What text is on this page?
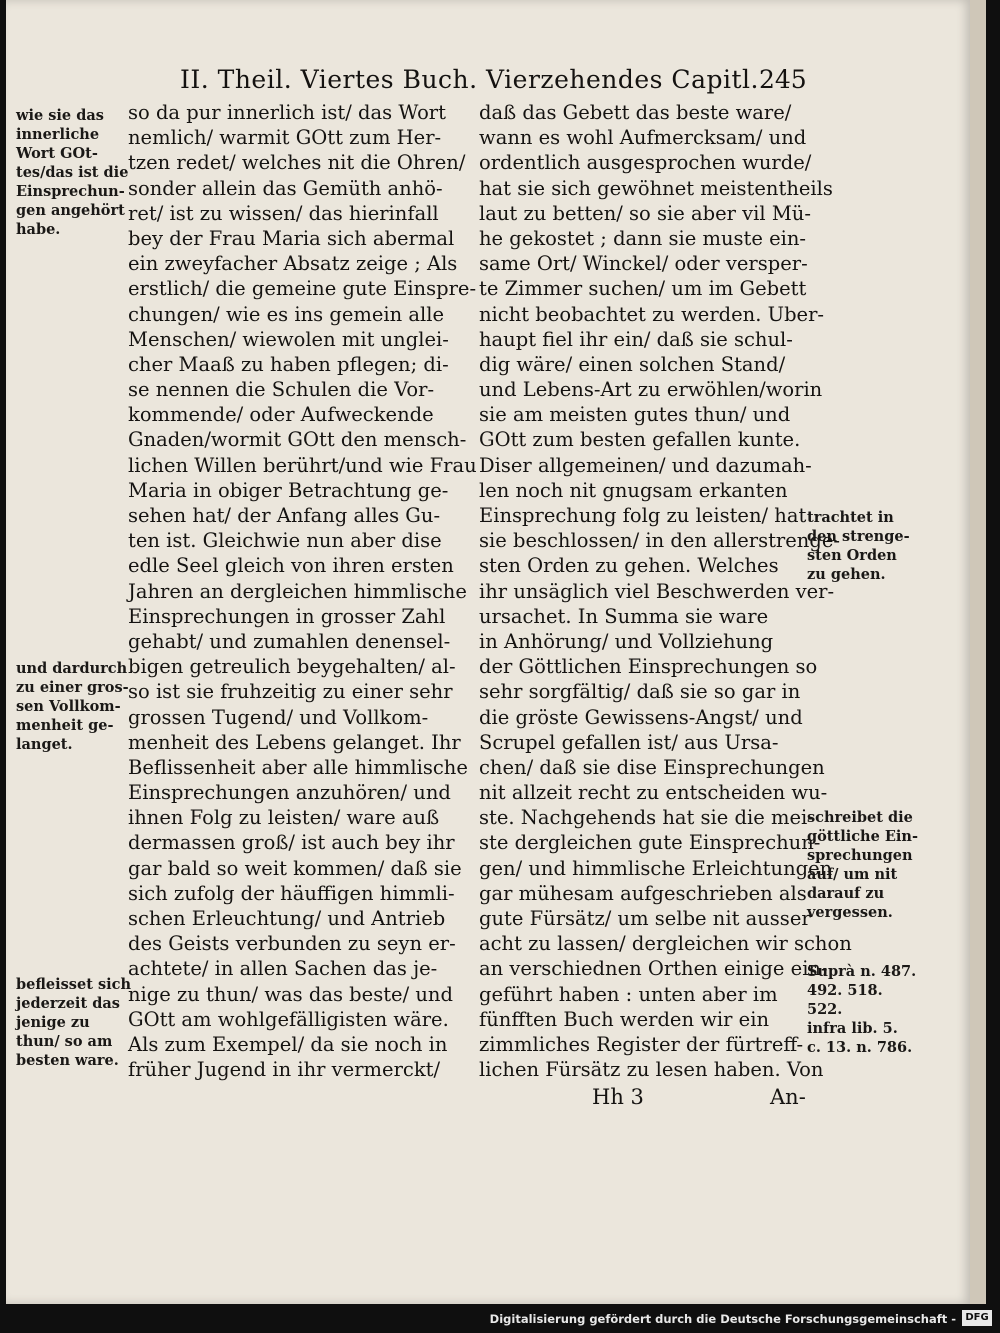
II. Theil. Viertes Buch. Vierzehendes Capitl. 245
so da pur innerlich ist/ das Wort
nemlich/ warmit GOtt zum Her-
tzen redet/ welches nit die Ohren/
sonder allein das Gemüth anhö-
ret/ ist zu wissen/ das hierinfall
bey der Frau Maria sich abermal
ein zweyfacher Absatz zeige ; Als
erstlich/ die gemeine gute Einspre-
chungen/ wie es ins gemein alle
Menschen/ wiewolen mit unglei-
cher Maaß zu haben pflegen; di-
se nennen die Schulen die Vor-
kommende/ oder Aufweckende
Gnaden/wormit GOtt den mensch-
lichen Willen berührt/und wie Frau
Maria in obiger Betrachtung ge-
sehen hat/ der Anfang alles Gu-
ten ist. Gleichwie nun aber dise
edle Seel gleich von ihren ersten
Jahren an dergleichen himmlische
Einsprechungen in grosser Zahl
gehabt/ und zumahlen denensel-
bigen getreulich beygehalten/ al-
so ist sie fruhzeitig zu einer sehr
grossen Tugend/ und Vollkom-
menheit des Lebens gelanget. Ihr
Beflissenheit aber alle himmlische
Einsprechungen anzuhören/ und
ihnen Folg zu leisten/ ware auß
dermassen groß/ ist auch bey ihr
gar bald so weit kommen/ daß sie
sich zufolg der häuffigen himmli-
schen Erleuchtung/ und Antrieb
des Geists verbunden zu seyn er-
achtete/ in allen Sachen das je-
nige zu thun/ was das beste/ und
GOtt am wohlgefälligisten wäre.
Als zum Exempel/ da sie noch in
früher Jugend in ihr vermerckt/
daß das Gebett das beste ware/
wann es wohl Aufmercksam/ und
ordentlich ausgesprochen wurde/
hat sie sich gewöhnet meistentheils
laut zu betten/ so sie aber vil Mü-
he gekostet ; dann sie muste ein-
same Ort/ Winckel/ oder versper-
te Zimmer suchen/ um im Gebett
nicht beobachtet zu werden. Uber-
haupt fiel ihr ein/ daß sie schul-
dig wäre/ einen solchen Stand/
und Lebens-Art zu erwöhlen/worin
sie am meisten gutes thun/ und
GOtt zum besten gefallen kunte.
Diser allgemeinen/ und dazumah-
len noch nit gnugsam erkanten
Einsprechung folg zu leisten/ hat
sie beschlossen/ in den allerstrenge-
sten Orden zu gehen. Welches
ihr unsäglich viel Beschwerden ver-
ursachet. In Summa sie ware
in Anhörung/ und Vollziehung
der Göttlichen Einsprechungen so
sehr sorgfältig/ daß sie so gar in
die gröste Gewissens-Angst/ und
Scrupel gefallen ist/ aus Ursa-
chen/ daß sie dise Einsprechungen
nit allzeit recht zu entscheiden wu-
ste. Nachgehends hat sie die mei-
ste dergleichen gute Einsprechun-
gen/ und himmlische Erleichtungen
gar mühesam aufgeschrieben als
gute Fürsätz/ um selbe nit ausser
acht zu lassen/ dergleichen wir schon
an verschiednen Orthen einige ein-
geführt haben : unten aber im
fünfften Buch werden wir ein
zimmliches Register der fürtreff-
lichen Fürsätz zu lesen haben. Von
wie sie das
innerliche
Wort GOt-
tes/das ist die
Einsprechun-
gen angehört
habe.
und dardurch
zu einer gros-
sen Vollkom-
menheit ge-
langet.
befleisset sich
jederzeit das
jenige zu
thun/ so am
besten ware.
trachtet in
den strenge-
sten Orden
zu gehen.
schreibet die
göttliche Ein-
sprechungen
auf/ um nit
darauf zu
vergessen.
Suprà n. 487.
492. 518.
522.
infra lib. 5.
c. 13. n. 786.
Hh 3	An-
Digitalisierung gefördert durch die Deutsche Forschungsgemeinschaft - DFG
